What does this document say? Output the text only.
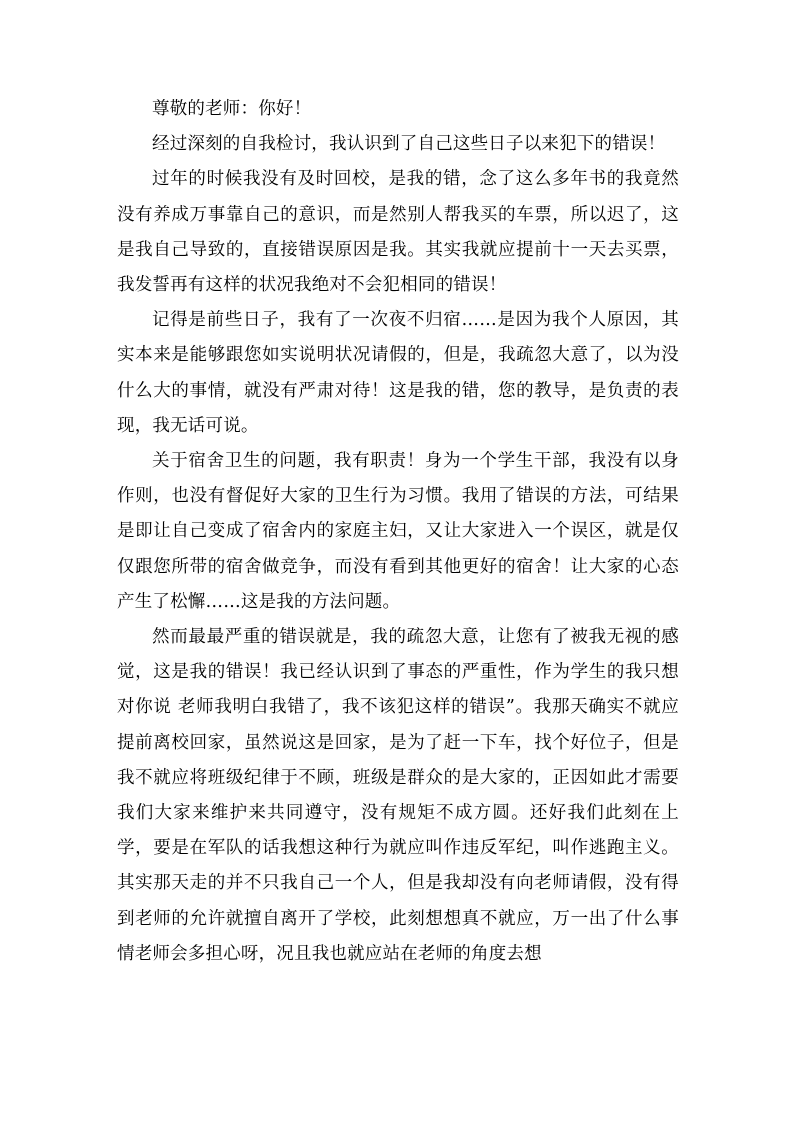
尊敬的老师：你好！

经过深刻的自我检讨，我认识到了自己这些日子以来犯下的错误！

过年的时候我没有及时回校，是我的错，念了这么多年书的我竟然没有养成万事靠自己的意识，而是然别人帮我买的车票，所以迟了，这是我自己导致的，直接错误原因是我。其实我就应提前十一天去买票，我发誓再有这样的状况我绝对不会犯相同的错误！

记得是前些日子，我有了一次夜不归宿……是因为我个人原因，其实本来是能够跟您如实说明状况请假的，但是，我疏忽大意了，以为没什么大的事情，就没有严肃对待！这是我的错，您的教导，是负责的表现，我无话可说。

关于宿舍卫生的问题，我有职责！身为一个学生干部，我没有以身作则，也没有督促好大家的卫生行为习惯。我用了错误的方法，可结果是即让自己变成了宿舍内的家庭主妇，又让大家进入一个误区，就是仅仅跟您所带的宿舍做竞争，而没有看到其他更好的宿舍！让大家的心态产生了松懈……这是我的方法问题。

然而最最严重的错误就是，我的疏忽大意，让您有了被我无视的感觉，这是我的错误！我已经认识到了事态的严重性，作为学生的我只想对你说 老师我明白我错了，我不该犯这样的错误”。我那天确实不就应提前离校回家，虽然说这是回家，是为了赶一下车，找个好位子，但是我不就应将班级纪律于不顾，班级是群众的是大家的，正因如此才需要我们大家来维护来共同遵守，没有规矩不成方圆。还好我们此刻在上学，要是在军队的话我想这种行为就应叫作违反军纪，叫作逃跑主义。其实那天走的并不只我自己一个人，但是我却没有向老师请假，没有得到老师的允许就擅自离开了学校，此刻想想真不就应，万一出了什么事情老师会多担心呀，况且我也就应站在老师的角度去想
